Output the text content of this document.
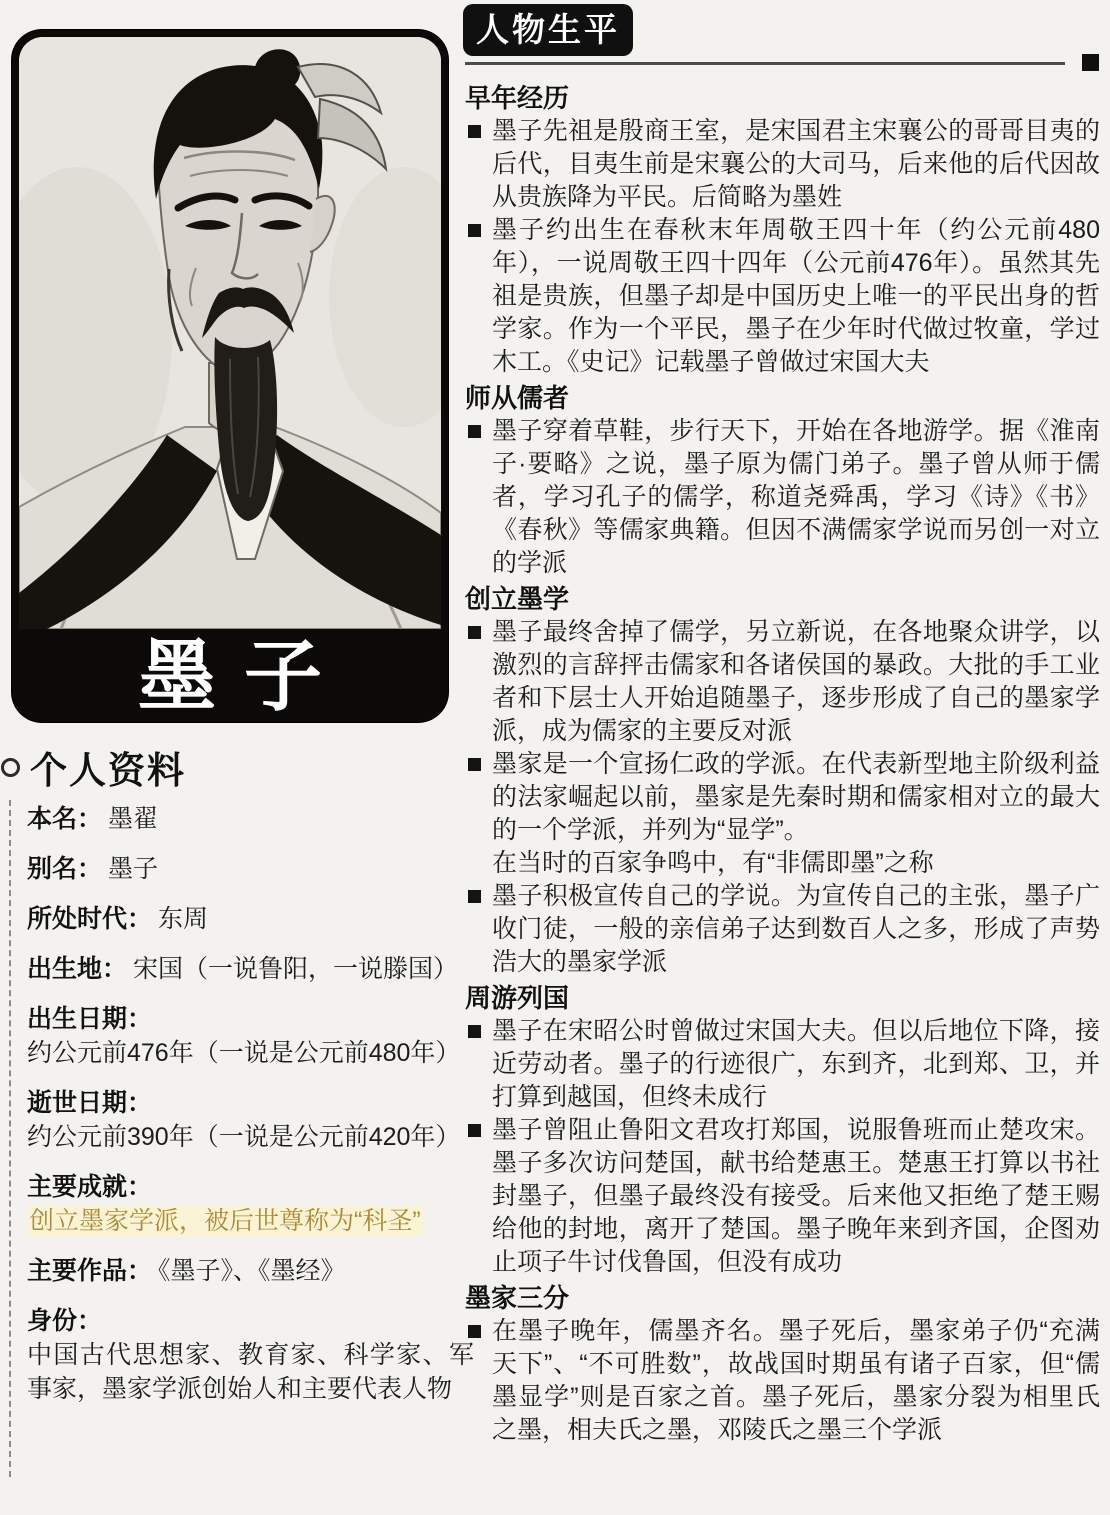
墨子
个人资料
本名： 墨翟
别名： 墨子
所处时代： 东周
出生地： 宋国（一说鲁阳，一说滕国）
出生日期：
约公元前476年（一说是公元前480年）
逝世日期：
约公元前390年（一说是公元前420年）
主要成就：
创立墨家学派，被后世尊称为“科圣”
主要作品： 《墨子》、《墨经》
身份：
中国古代思想家、教育家、科学家、军事家，墨家学派创始人和主要代表人物
人物生平
早年经历
墨子先祖是殷商王室，是宋国君主宋襄公的哥哥目夷的后代，目夷生前是宋襄公的大司马，后来他的后代因故从贵族降为平民。后简略为墨姓
墨子约出生在春秋末年周敬王四十年（约公元前480年），一说周敬王四十四年（公元前476年）。虽然其先祖是贵族，但墨子却是中国历史上唯一的平民出身的哲学家。作为一个平民，墨子在少年时代做过牧童，学过木工。《史记》记载墨子曾做过宋国大夫
师从儒者
墨子穿着草鞋，步行天下，开始在各地游学。据《淮南子·要略》之说，墨子原为儒门弟子。墨子曾从师于儒者，学习孔子的儒学，称道尧舜禹，学习《诗》《书》《春秋》等儒家典籍。但因不满儒家学说而另创一对立的学派
创立墨学
墨子最终舍掉了儒学，另立新说，在各地聚众讲学，以激烈的言辞抨击儒家和各诸侯国的暴政。大批的手工业者和下层士人开始追随墨子，逐步形成了自己的墨家学派，成为儒家的主要反对派
墨家是一个宣扬仁政的学派。在代表新型地主阶级利益的法家崛起以前，墨家是先秦时期和儒家相对立的最大的一个学派，并列为“显学”。
在当时的百家争鸣中，有“非儒即墨”之称
墨子积极宣传自己的学说。为宣传自己的主张，墨子广收门徒，一般的亲信弟子达到数百人之多，形成了声势浩大的墨家学派
周游列国
墨子在宋昭公时曾做过宋国大夫。但以后地位下降，接近劳动者。墨子的行迹很广，东到齐，北到郑、卫，并打算到越国，但终未成行
墨子曾阻止鲁阳文君攻打郑国，说服鲁班而止楚攻宋。墨子多次访问楚国，献书给楚惠王。楚惠王打算以书社封墨子，但墨子最终没有接受。后来他又拒绝了楚王赐给他的封地，离开了楚国。墨子晚年来到齐国，企图劝止项子牛讨伐鲁国，但没有成功
墨家三分
在墨子晚年，儒墨齐名。墨子死后，墨家弟子仍“充满天下”、“不可胜数”，故战国时期虽有诸子百家，但“儒墨显学”则是百家之首。墨子死后，墨家分裂为相里氏之墨，相夫氏之墨，邓陵氏之墨三个学派
